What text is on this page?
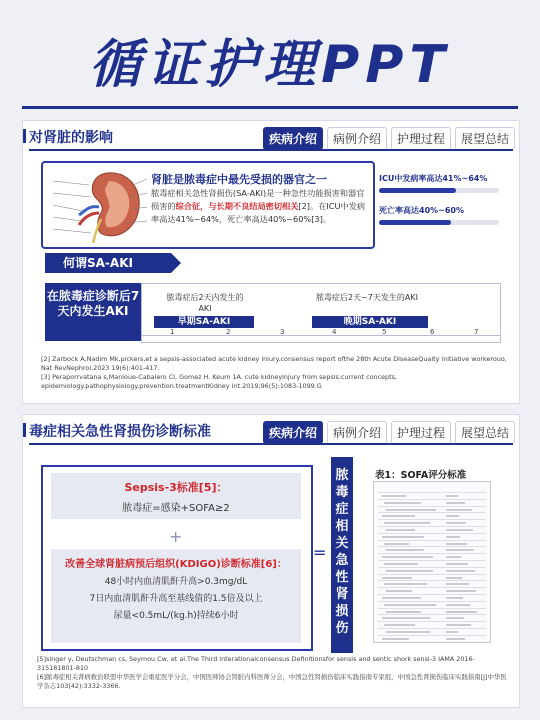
循证护理PPT
对肾脏的影响	疾病介绍	病例介绍	护理过程	展望总结
肾脏是脓毒症中最先受损的器官之一
脓毒症相关急性肾损伤(SA-AKI)是一种急性功能损害和器官损害的综合征，与长期不良结局密切相关[2]。在ICU中发病率高达41%~64%，死亡率高达40%~60%[3]。
ICU中发病率高达41%~64%
死亡率高达40%~60%
何谓SA-AKI
在脓毒症诊断后7天内发生AKI
脓毒症后2天内发生的AKI
早期SA-AKI
脓毒症后2天~7天发生的AKI
晚期SA-AKI
1	2	3	4	5	6	7
[2] Zarbock A,Nadim Mk,pickers,et a sepsis-associated acute kidney iniury.consensus report ofthe 28th Acute DiseaseQualty initiative workerouo, Nat RevNephrol.2023 19(6):401-417.
[3] Peraporrvatana s,Manioue-Cabalero CI, Gomez H. Keum 1A. cute kidneyinjury from sepsis:current concepts, epidemiology.pathophysiology.prevention.treatmentKidney Int.2019;96(5):1083-1099.G
毒症相关急性肾损伤诊断标准	疾病介绍	病例介绍	护理过程	展望总结
Sepsis-3标准[5]：
脓毒症=感染+SOFA≥2
+
改善全球肾脏病预后组织(KDIGO)诊断标准[6]：
48小时内血清肌酐升高>0.3mg/dL
7日内血清肌酐升高至基线值的1.5倍及以上
尿量<0.5mL/(kg.h)持续6小时
=
脓
毒
症
相
关
急
性
肾
损
伤
表1：SOFA评分标准
[5]singer y, Deutschman cs, Seymou Cw, et al.The Third interationalconsensus Definitionsfor sensis and sentic shork sensi-3 IAMA 2016-315181801-810
[6]脓毒症相关肾病救治联盟中华医学会重症医学分会，中国医师协会肾脏内科医师分会，中国急性肾损伤临床实践指南专家组，中国急性肾损伤临床实践指南[J]中华医学杂志103(42):3332-3366.
